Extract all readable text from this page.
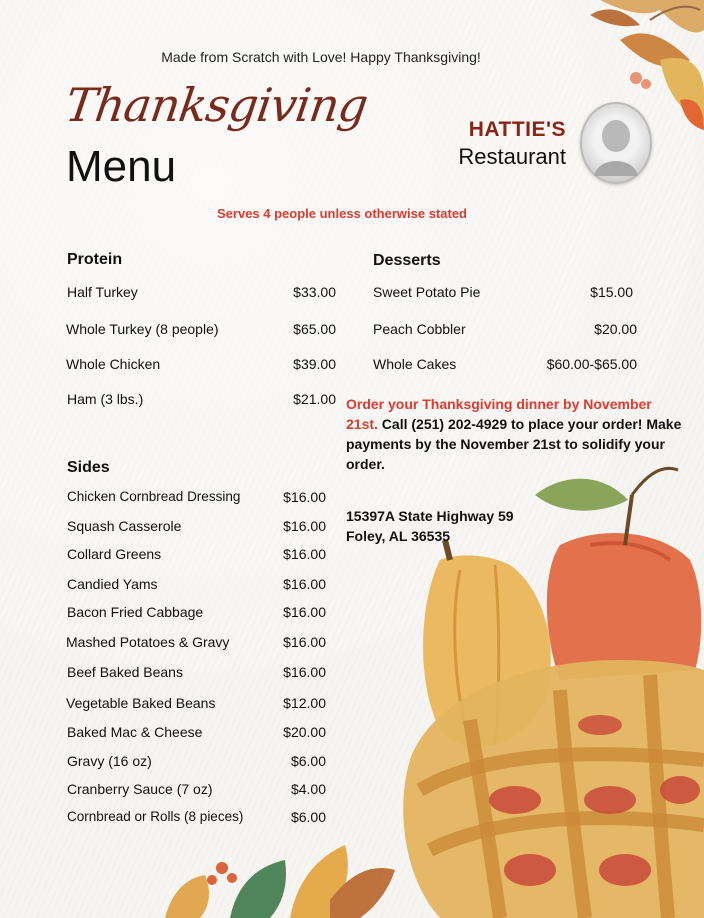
Made from Scratch with Love! Happy Thanksgiving!
Thanksgiving
Menu
HATTIE'S
Restaurant
Serves 4 people unless otherwise stated
Protein
Half Turkey	$33.00
Whole Turkey (8 people)	$65.00
Whole Chicken	$39.00
Ham (3 lbs.)	$21.00
Sides
Chicken Cornbread Dressing	$16.00
Squash Casserole	$16.00
Collard Greens	$16.00
Candied Yams	$16.00
Bacon Fried Cabbage	$16.00
Mashed Potatoes & Gravy	$16.00
Beef Baked Beans	$16.00
Vegetable Baked Beans	$12.00
Baked Mac & Cheese	$20.00
Gravy (16 oz)	$6.00
Cranberry Sauce (7 oz)	$4.00
Cornbread or Rolls (8 pieces)	$6.00
Desserts
Sweet Potato Pie	$15.00
Peach Cobbler	$20.00
Whole Cakes	$60.00-$65.00
Order your Thanksgiving dinner by November 21st. Call (251) 202-4929 to place your order! Make payments by the November 21st to solidify your order.
15397A State Highway 59
Foley, AL 36535
